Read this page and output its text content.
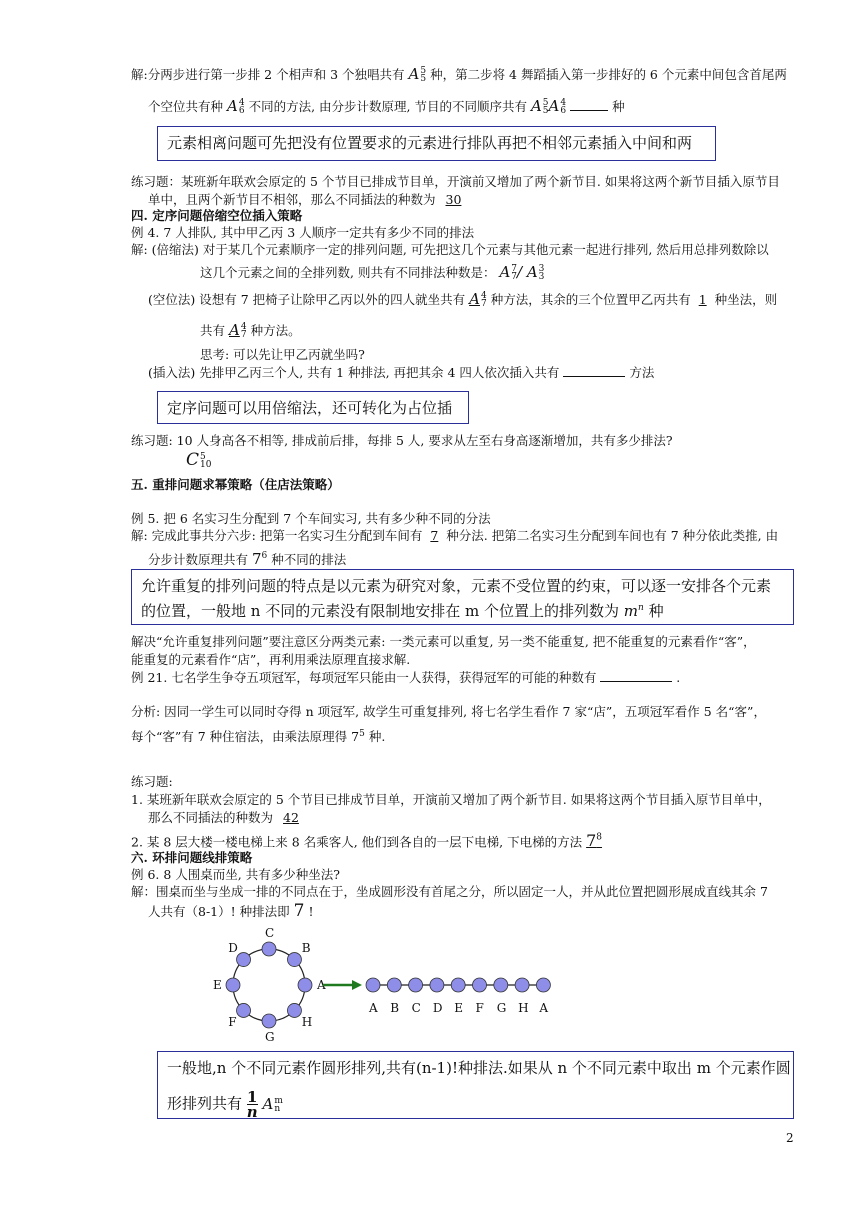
解:分两步进行第一步排 2 个相声和 3 个独唱共有 A 5
5 种，第二步将 4 舞蹈插入第一步排好的 6 个元素中间包含首尾两
个空位共有种 A 4
6 不同的方法, 由分步计数原理, 节目的不同顺序共有 A 5
5 A 4
6	种
元素相离问题可先把没有位置要求的元素进行排队再把不相邻元素插入中间和两
练习题：某班新年联欢会原定的 5 个节目已排成节目单，开演前又增加了两个新节目. 如果将这两个新节目插入原节目
单中，且两个新节目不相邻，那么不同插法的种数为 30
四. 定序问题倍缩空位插入策略
例 4. 7 人排队, 其中甲乙丙 3 人顺序一定共有多少不同的排法
解: (倍缩法) 对于某几个元素顺序一定的排列问题, 可先把这几个元素与其他元素一起进行排列, 然后用总排列数除以
这几个元素之间的全排列数, 则共有不同排法种数是： A 7
7 / A 3
3
(空位法) 设想有 7 把椅子让除甲乙丙以外的四人就坐共有 A 4
7 种方法，其余的三个位置甲乙丙共有 1 种坐法，则
共有 A 4
7 种方法。
思考: 可以先让甲乙丙就坐吗?
(插入法) 先排甲乙丙三个人, 共有 1 种排法, 再把其余 4 四人依次插入共有	方法
定序问题可以用倍缩法，还可转化为占位插
练习题: 10 人身高各不相等, 排成前后排，每排 5 人, 要求从左至右身高逐渐增加，共有多少排法?
C 5
10
五. 重排问题求幂策略（住店法策略）
例 5. 把 6 名实习生分配到 7 个车间实习, 共有多少种不同的分法
解: 完成此事共分六步: 把第一名实习生分配到车间有 7 种分法. 把第二名实习生分配到车间也有 7 种分依此类推, 由
分步计数原理共有 $7^6$ 种不同的排法
允许重复的排列问题的特点是以元素为研究对象，元素不受位置的约束，可以逐一安排各个元素
的位置，一般地 n 不同的元素没有限制地安排在 m 个位置上的排列数为 $m^n$ 种
解决“允许重复排列问题”要注意区分两类元素: 一类元素可以重复, 另一类不能重复, 把不能重复的元素看作“客”，
能重复的元素看作“店”，再利用乘法原理直接求解.
例 21. 七名学生争夺五项冠军，每项冠军只能由一人获得，获得冠军的可能的种数有	.
分析: 因同一学生可以同时夺得 n 项冠军, 故学生可重复排列, 将七名学生看作 7 家“店”，五项冠军看作 5 名“客”，
每个“客”有 7 种住宿法，由乘法原理得 $7^5$ 种.
练习题:
1. 某班新年联欢会原定的 5 个节目已排成节目单，开演前又增加了两个新节目. 如果将这两个节目插入原节目单中，
那么不同插法的种数为 42
2. 某 8 层大楼一楼电梯上来 8 名乘客人, 他们到各自的一层下电梯, 下电梯的方法 $7^8$
六. 环排问题线排策略
例 6. 8 人围桌而坐, 共有多少种坐法?
解：围桌而坐与坐成一排的不同点在于，坐成圆形没有首尾之分，所以固定一人，并从此位置把圆形展成直线其余 7
人共有（8-1）! 种排法即 7 !
C
B
A
H
G
F
E
D
A B C D E F G H A
一般地,n 个不同元素作圆形排列,共有(n-1)!种排法.如果从 n 个不同元素中取出 m 个元素作圆
形排列共有 $\frac{1}{n}$ A m
n
2
